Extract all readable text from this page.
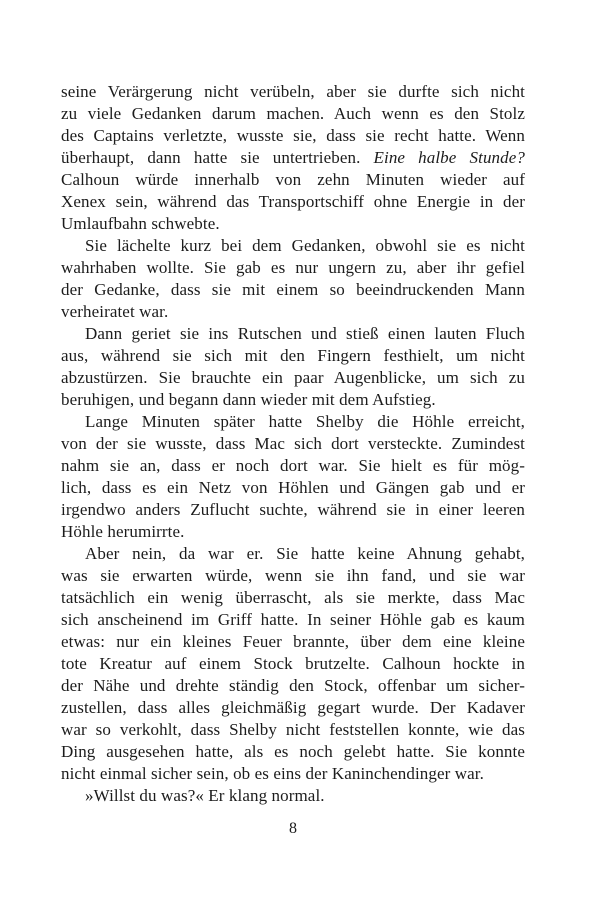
seine Verärgerung nicht verübeln, aber sie durfte sich nicht
zu viele Gedanken darum machen. Auch wenn es den Stolz
des Captains verletzte, wusste sie, dass sie recht hatte. Wenn
überhaupt, dann hatte sie untertrieben. Eine halbe Stunde?
Calhoun würde innerhalb von zehn Minuten wieder auf
Xenex sein, während das Transportschiff ohne Energie in der
Umlaufbahn schwebte.
Sie lächelte kurz bei dem Gedanken, obwohl sie es nicht
wahrhaben wollte. Sie gab es nur ungern zu, aber ihr gefiel
der Gedanke, dass sie mit einem so beeindruckenden Mann
verheiratet war.
Dann geriet sie ins Rutschen und stieß einen lauten Fluch
aus, während sie sich mit den Fingern festhielt, um nicht
abzustürzen. Sie brauchte ein paar Augenblicke, um sich zu
beruhigen, und begann dann wieder mit dem Aufstieg.
Lange Minuten später hatte Shelby die Höhle erreicht,
von der sie wusste, dass Mac sich dort versteckte. Zumindest
nahm sie an, dass er noch dort war. Sie hielt es für mög-
lich, dass es ein Netz von Höhlen und Gängen gab und er
irgendwo anders Zuflucht suchte, während sie in einer leeren
Höhle herumirrte.
Aber nein, da war er. Sie hatte keine Ahnung gehabt,
was sie erwarten würde, wenn sie ihn fand, und sie war
tatsächlich ein wenig überrascht, als sie merkte, dass Mac
sich anscheinend im Griff hatte. In seiner Höhle gab es kaum
etwas: nur ein kleines Feuer brannte, über dem eine kleine
tote Kreatur auf einem Stock brutzelte. Calhoun hockte in
der Nähe und drehte ständig den Stock, offenbar um sicher-
zustellen, dass alles gleichmäßig gegart wurde. Der Kadaver
war so verkohlt, dass Shelby nicht feststellen konnte, wie das
Ding ausgesehen hatte, als es noch gelebt hatte. Sie konnte
nicht einmal sicher sein, ob es eins der Kaninchendinger war.
»Willst du was?« Er klang normal.
8
